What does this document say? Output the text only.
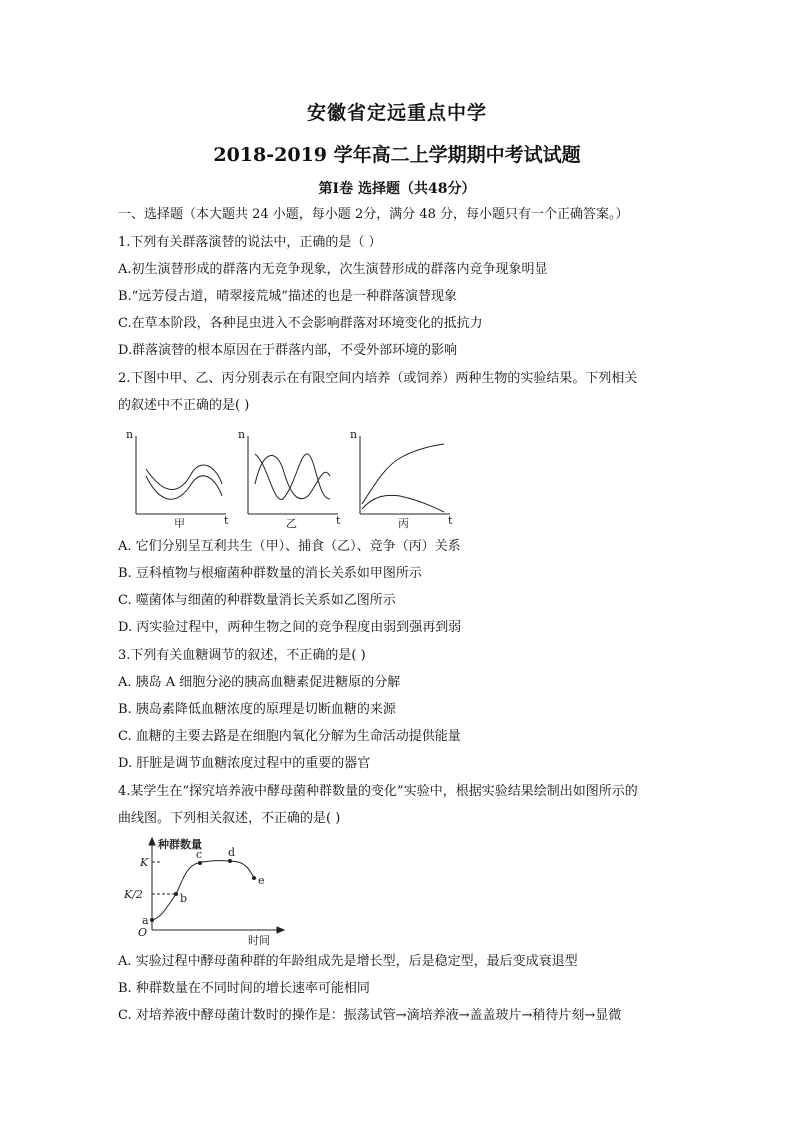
安徽省定远重点中学
2018-2019 学年高二上学期期中考试试题
第I卷 选择题（共48分）
一、选择题（本大题共 24 小题，每小题 2分，满分 48 分，每小题只有一个正确答案。）
1.下列有关群落演替的说法中，正确的是（ ）
A.初生演替形成的群落内无竞争现象，次生演替形成的群落内竞争现象明显
B.“远芳侵古道，晴翠接荒城”描述的也是一种群落演替现象
C.在草本阶段，各种昆虫进入不会影响群落对环境变化的抵抗力
D.群落演替的根本原因在于群落内部，不受外部环境的影响
2.下图中甲、乙、丙分别表示在有限空间内培养（或饲养）两种生物的实验结果。下列相关
的叙述中不正确的是( )
n
t
甲
n
t
乙
n
t
丙
A. 它们分别呈互利共生（甲）、捕食（乙）、竞争（丙）关系
B. 豆科植物与根瘤菌种群数量的消长关系如甲图所示
C. 噬菌体与细菌的种群数量消长关系如乙图所示
D. 丙实验过程中，两种生物之间的竞争程度由弱到强再到弱
3.下列有关血糖调节的叙述，不正确的是( )
A. 胰岛 A 细胞分泌的胰高血糖素促进糖原的分解
B. 胰岛素降低血糖浓度的原理是切断血糖的来源
C. 血糖的主要去路是在细胞内氧化分解为生命活动提供能量
D. 肝脏是调节血糖浓度过程中的重要的器官
4.某学生在“探究培养液中酵母菌种群数量的变化”实验中，根据实验结果绘制出如图所示的
曲线图。下列相关叙述，不正确的是( )
种群数量
K
K/2
O
时间
a
b
c d
e
A. 实验过程中酵母菌种群的年龄组成先是增长型，后是稳定型，最后变成衰退型
B. 种群数量在不同时间的增长速率可能相同
C. 对培养液中酵母菌计数时的操作是：振荡试管→滴培养液→盖盖玻片→稍待片刻→显微
